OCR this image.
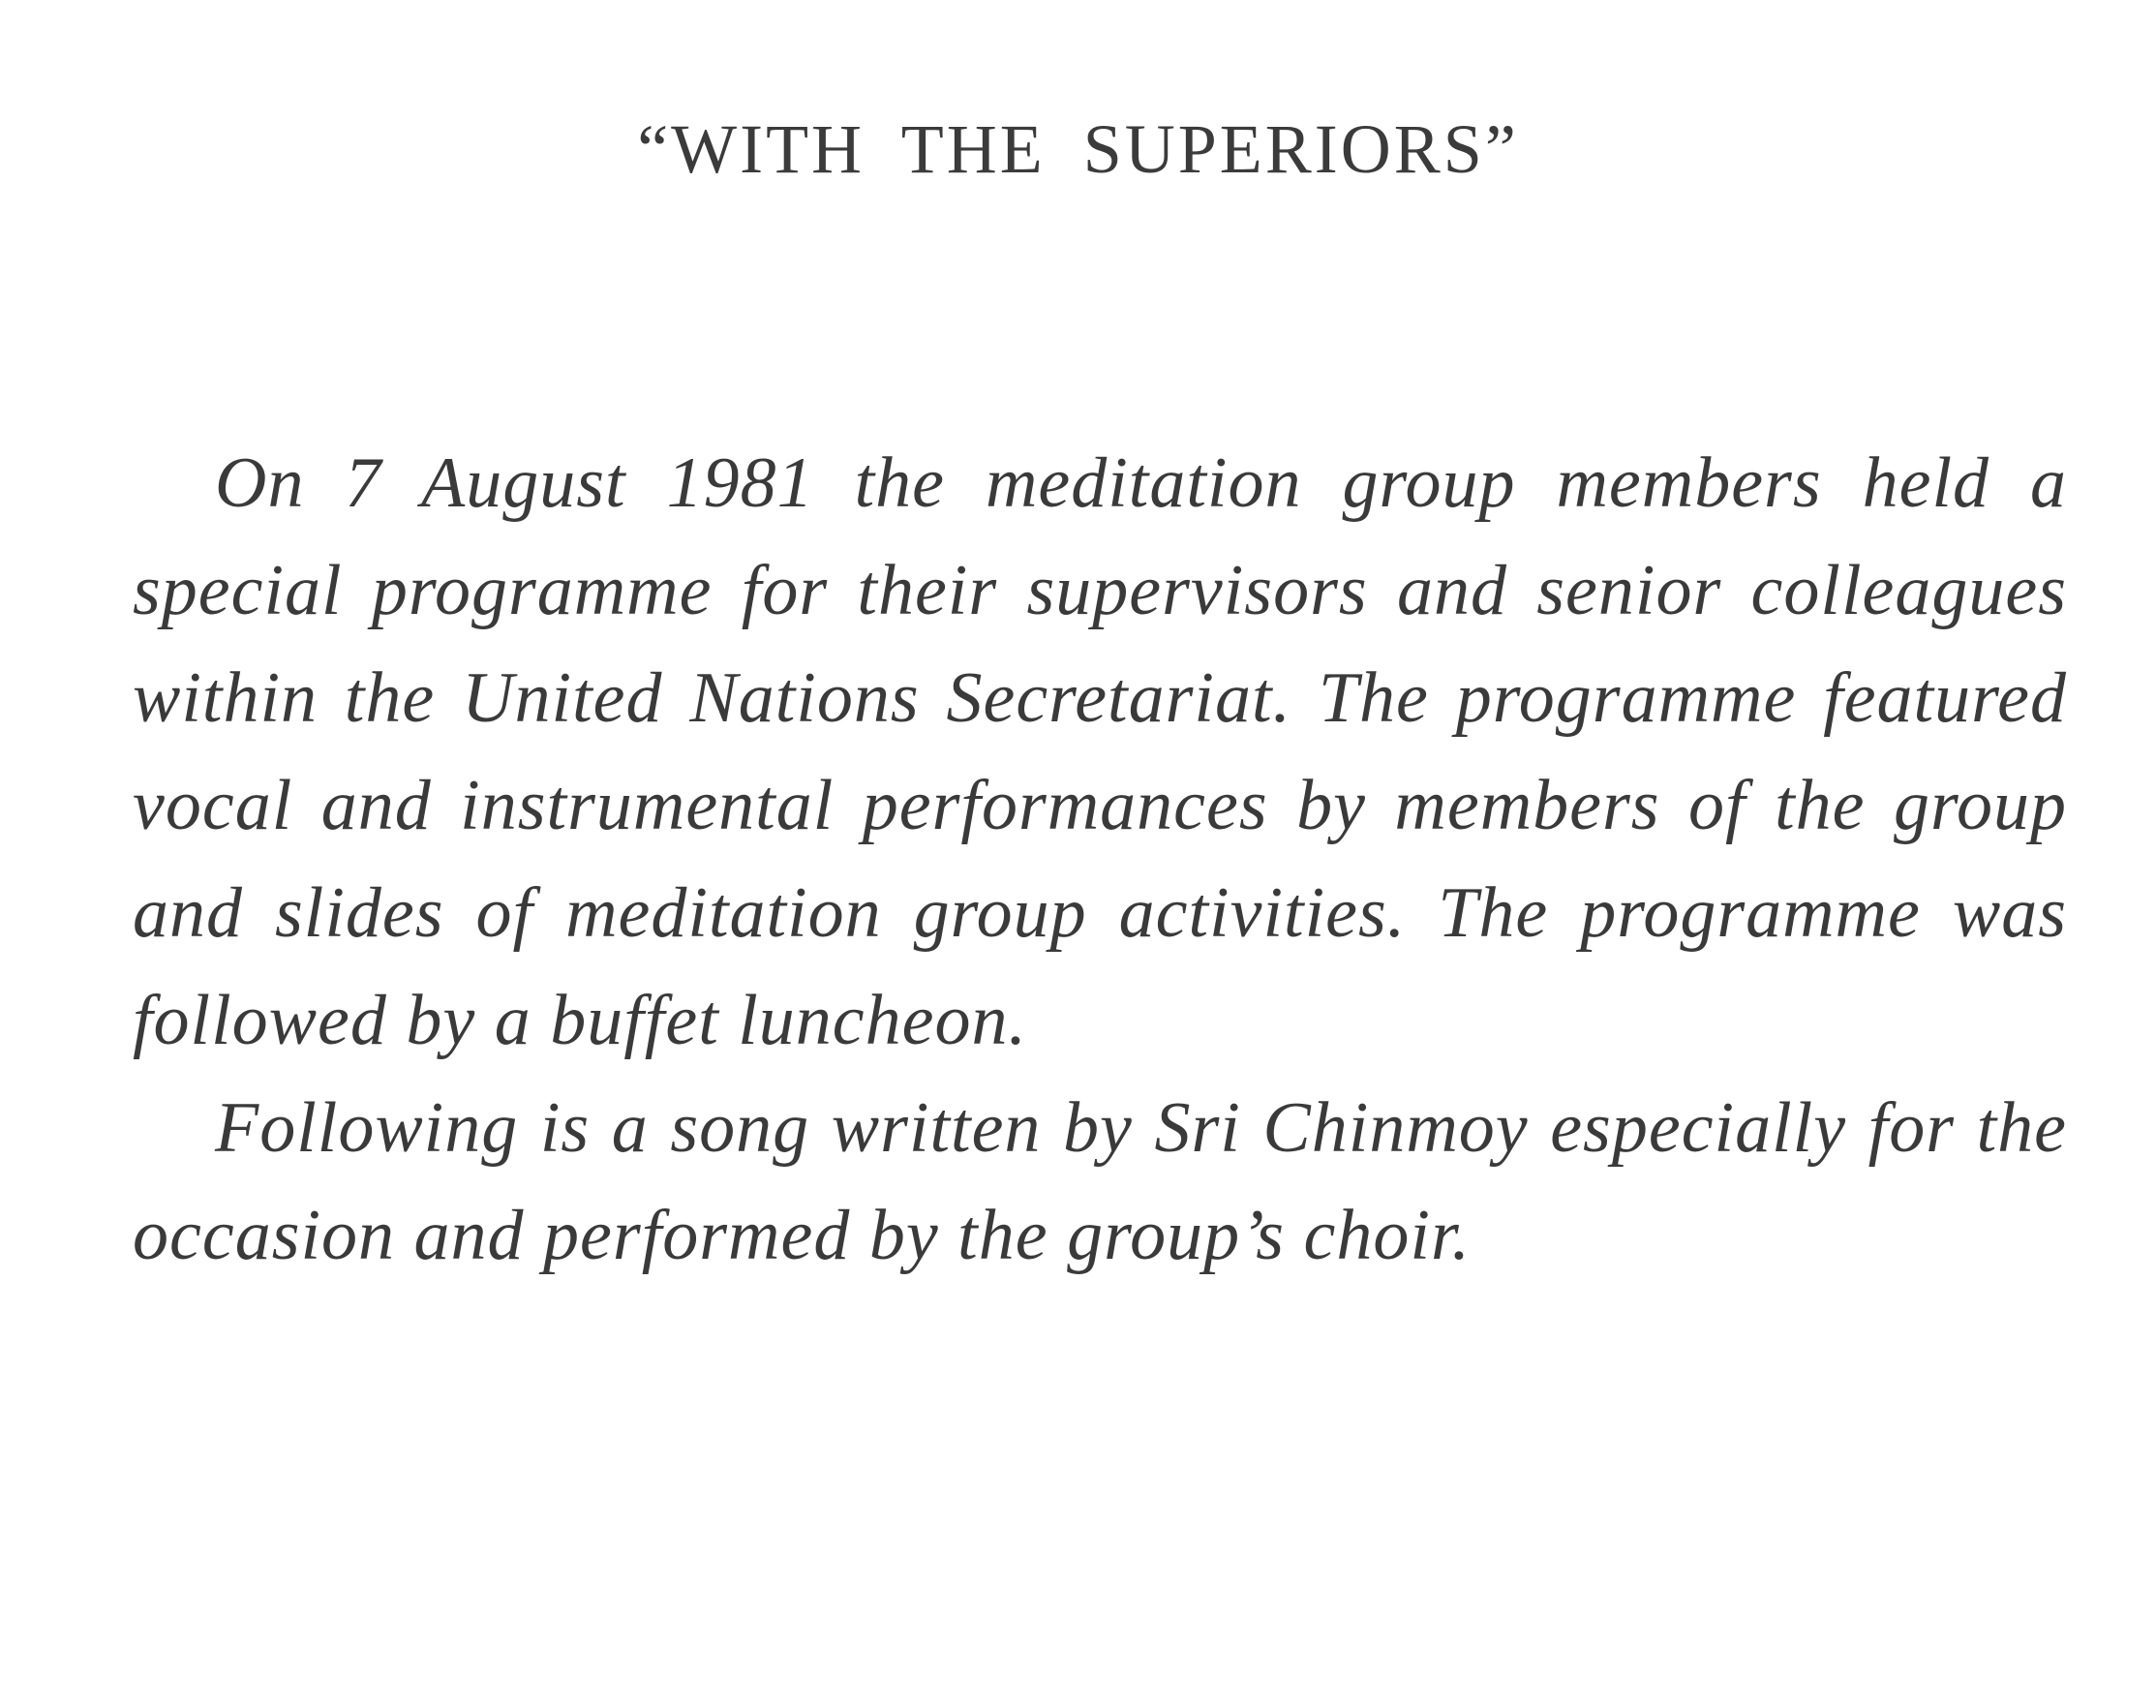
“WITH THE SUPERIORS”

On 7 August 1981 the meditation group members held a special programme for their supervisors and senior colleagues within the United Nations Secretariat. The programme featured vocal and instrumental performances by members of the group and slides of meditation group activities. The programme was followed by a buffet luncheon.

Following is a song written by Sri Chinmoy especially for the occasion and performed by the group’s choir.
